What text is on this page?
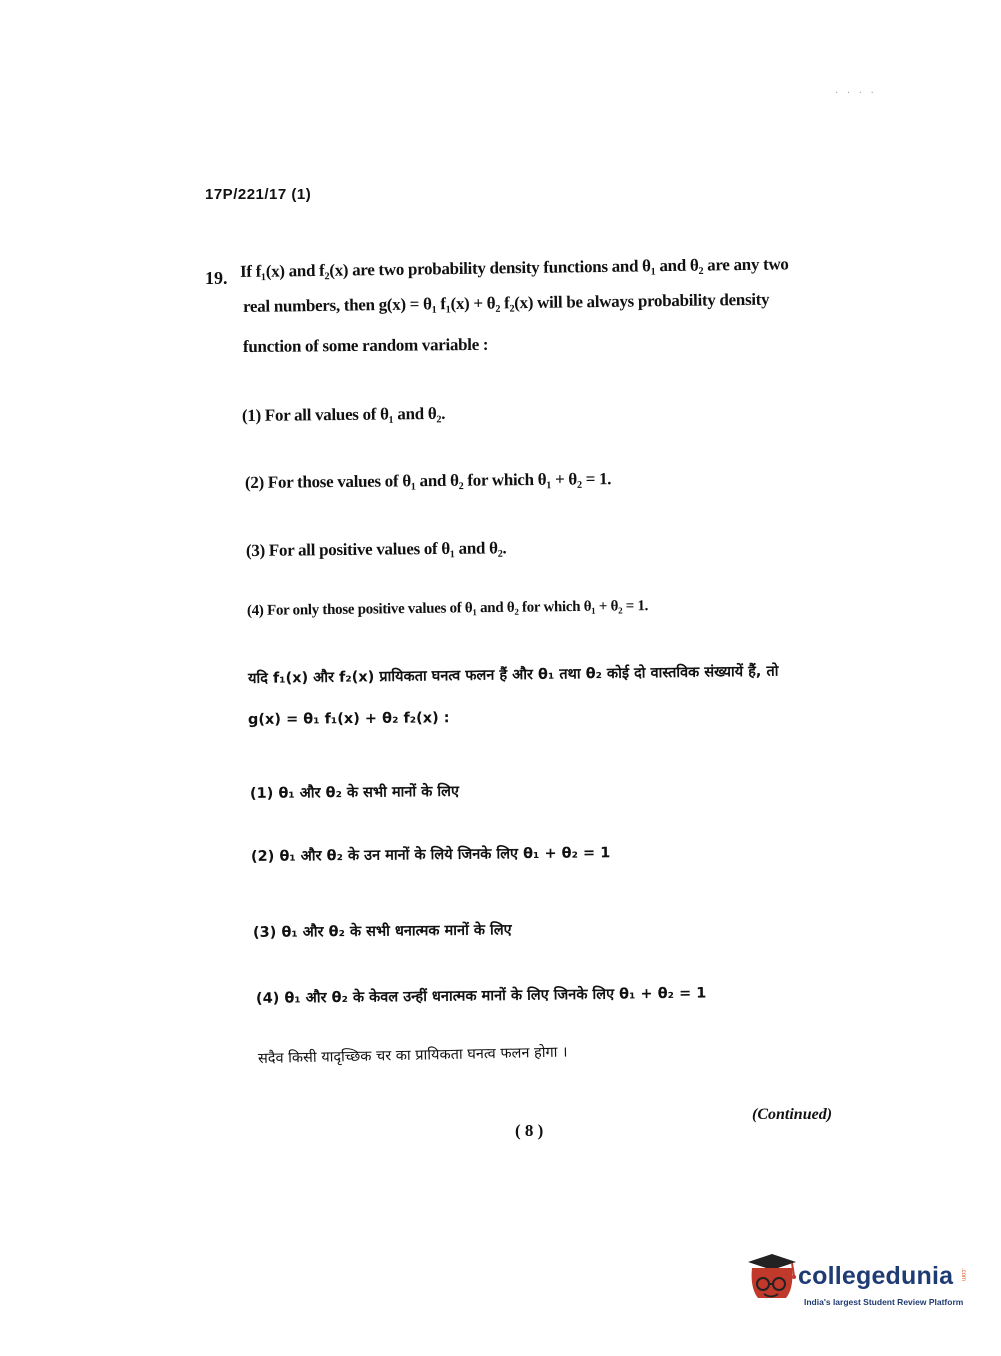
· · · ·
17P/221/17 (1)
19. If f₁(x) and f₂(x) are two probability density functions and θ₁ and θ₂ are any two
real numbers, then g(x) = θ₁ f₁(x) + θ₂ f₂(x) will be always probability density
function of some random variable :
(1) For all values of θ₁ and θ₂.
(2) For those values of θ₁ and θ₂ for which θ₁ + θ₂ = 1.
(3) For all positive values of θ₁ and θ₂.
(4) For only those positive values of θ₁ and θ₂ for which θ₁ + θ₂ = 1.
यदि f₁(x) और f₂(x) प्रायिकता घनत्व फलन हैं और θ₁ तथा θ₂ कोई दो वास्तविक संख्यायें हैं, तो
g(x) = θ₁ f₁(x) + θ₂ f₂(x) :
(1) θ₁ और θ₂ के सभी मानों के लिए
(2) θ₁ और θ₂ के उन मानों के लिये जिनके लिए θ₁ + θ₂ = 1
(3) θ₁ और θ₂ के सभी धनात्मक मानों के लिए
(4) θ₁ और θ₂ के केवल उन्हीं धनात्मक मानों के लिए जिनके लिए θ₁ + θ₂ = 1
सदैव किसी यादृच्छिक चर का प्रायिकता घनत्व फलन होगा ।
( 8 )
(Continued)
collegedunia .com
India's largest Student Review Platform
